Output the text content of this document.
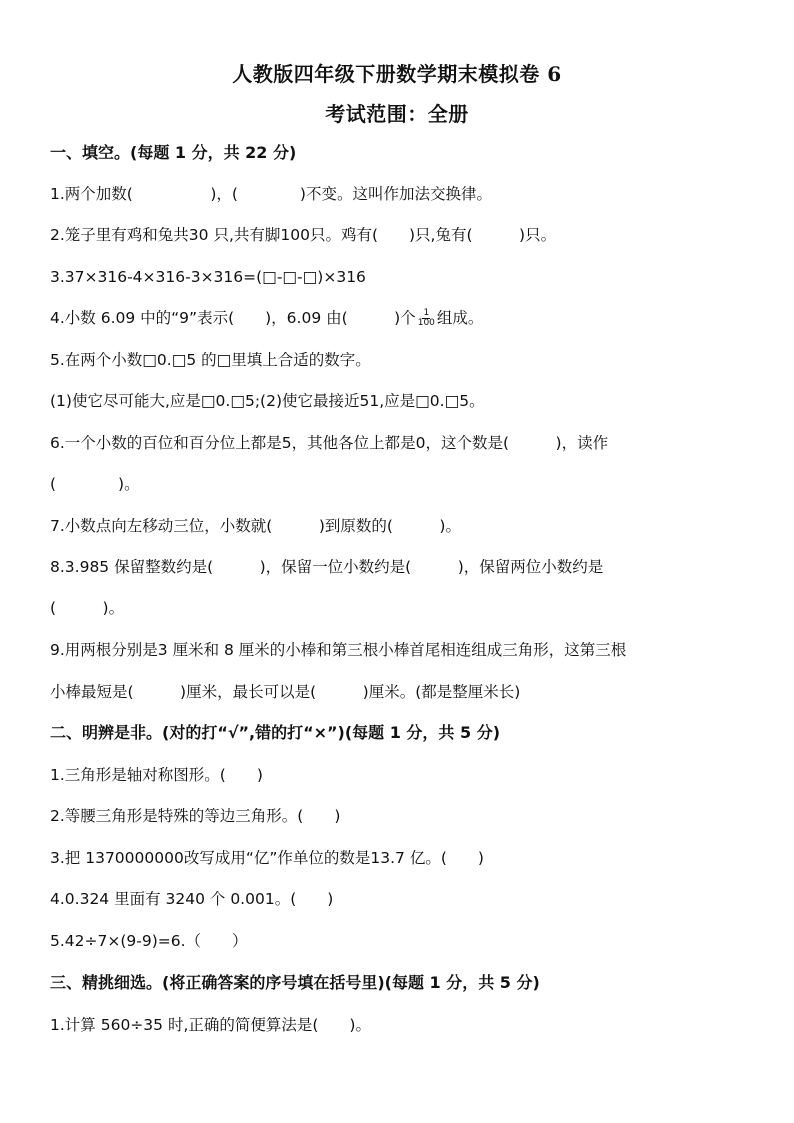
人教版四年级下册数学期末模拟卷 6
考试范围：全册
一、填空。(每题 1 分，共 22 分)
1.两个加数(　　　　　)，(　　　　)不变。这叫作加法交换律。
2.笼子里有鸡和兔共30 只,共有脚100只。鸡有(　　)只,兔有(　　　)只。
3.37×316-4×316-3×316=(□-□-□)×316
4.小数 6.09 中的“9”表示(　　)，6.09 由(　　　)个 $\frac{1}{100}$ 组成。
5.在两个小数□0.□5 的□里填上合适的数字。
(1)使它尽可能大,应是□0.□5;(2)使它最接近51,应是□0.□5。
6.一个小数的百位和百分位上都是5，其他各位上都是0，这个数是(　　　)，读作
(　　　　)。
7.小数点向左移动三位，小数就(　　　)到原数的(　　　)。
8.3.985 保留整数约是(　　　)，保留一位小数约是(　　　)，保留两位小数约是
(　　　)。
9.用两根分别是3 厘米和 8 厘米的小棒和第三根小棒首尾相连组成三角形，这第三根
小棒最短是(　　　)厘米，最长可以是(　　　)厘米。(都是整厘米长)
二、明辨是非。(对的打“√”,错的打“×”)(每题 1 分，共 5 分)
1.三角形是轴对称图形。(　　)
2.等腰三角形是特殊的等边三角形。(　　)
3.把 1370000000改写成用“亿”作单位的数是13.7 亿。(　　)
4.0.324 里面有 3240 个 0.001。(　　)
5.42÷7×(9-9)=6.（　　）
三、精挑细选。(将正确答案的序号填在括号里)(每题 1 分，共 5 分)
1.计算 560÷35 时,正确的简便算法是(　　)。
